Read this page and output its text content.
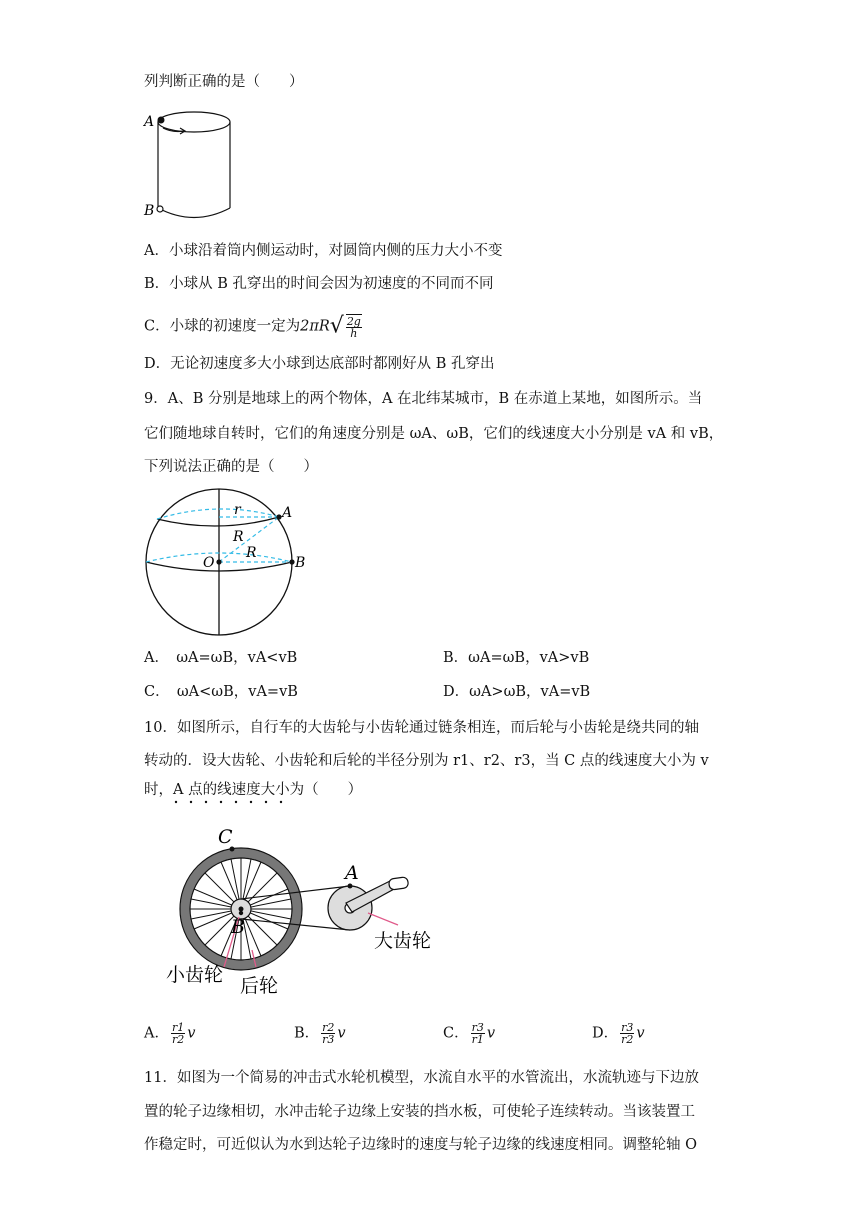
列判断正确的是（　　）
A
B
A．小球沿着筒内侧运动时，对圆筒内侧的压力大小不变
B．小球从 B 孔穿出的时间会因为初速度的不同而不同
C．小球的初速度一定为$2\pi R√ \frac{2g}{h}$
D．无论初速度多大小球到达底部时都刚好从 B 孔穿出
9．A、B 分别是地球上的两个物体，A 在北纬某城市，B 在赤道上某地，如图所示。当
它们随地球自转时，它们的角速度分别是 ωA、ωB，它们的线速度大小分别是 vA 和 vB，
下列说法正确的是（　　）
r	A
R
R
O	B
A．　ωA=ωB，vA<vB	B．ωA=ωB，vA>vB
C．　ωA<ωB，vA=vB	D．ωA>ωB，vA=vB
10．如图所示，自行车的大齿轮与小齿轮通过链条相连，而后轮与小齿轮是绕共同的轴
转动的．设大齿轮、小齿轮和后轮的半径分别为 r1、r2、r3，当 C 点的线速度大小为 v
时，A 点的线速度大小为（　　）
C
A
B
大齿轮
小齿轮 后轮
A． $\frac{r1}{r2}$ v	B． $\frac{r2}{r3}$ v	C． $\frac{r3}{r1}$ v	D． $\frac{r3}{r2}$ v
11．如图为一个简易的冲击式水轮机模型，水流自水平的水管流出，水流轨迹与下边放
置的轮子边缘相切，水冲击轮子边缘上安装的挡水板，可使轮子连续转动。当该装置工
作稳定时，可近似认为水到达轮子边缘时的速度与轮子边缘的线速度相同。调整轮轴 O
